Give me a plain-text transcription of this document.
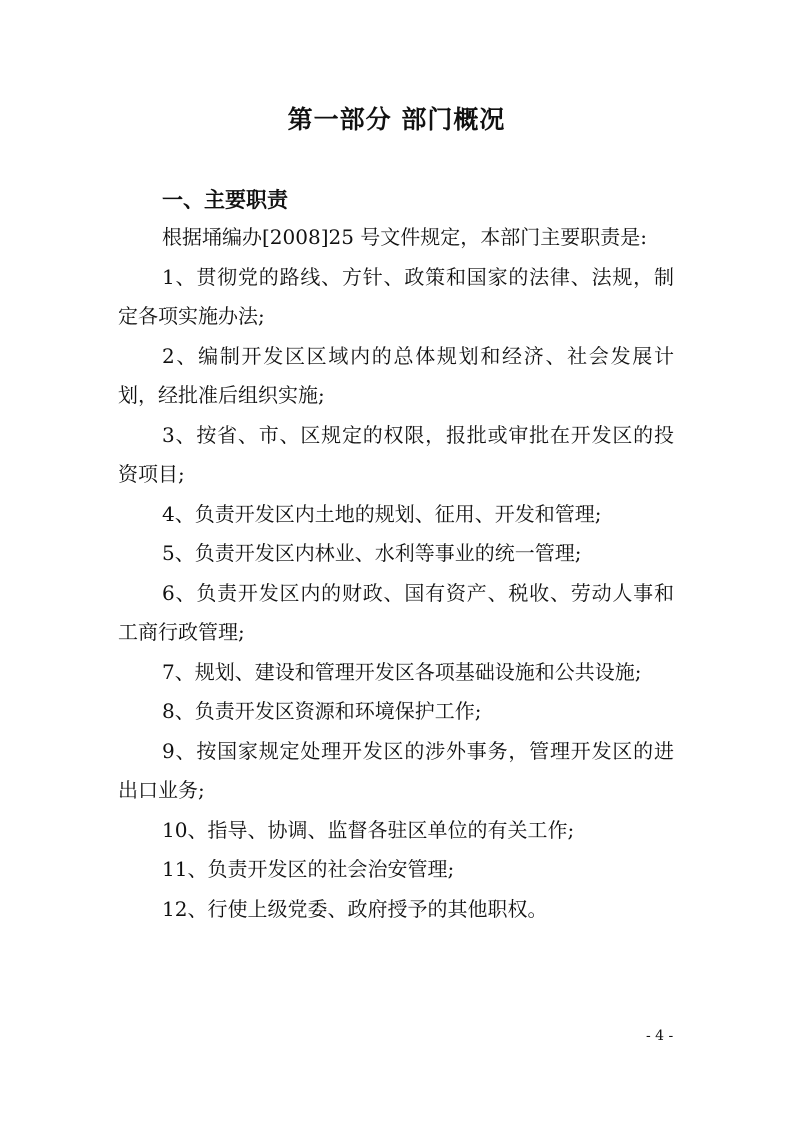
第一部分 部门概况
一、主要职责

根据埇编办[2008]25 号文件规定，本部门主要职责是:

1、贯彻党的路线、方针、政策和国家的法律、法规，制定各项实施办法;

2、编制开发区区域内的总体规划和经济、社会发展计划，经批准后组织实施;

3、按省、市、区规定的权限，报批或审批在开发区的投资项目;

4、负责开发区内土地的规划、征用、开发和管理;

5、负责开发区内林业、水利等事业的统一管理;

6、负责开发区内的财政、国有资产、税收、劳动人事和工商行政管理;

7、规划、建设和管理开发区各项基础设施和公共设施;

8、负责开发区资源和环境保护工作;

9、按国家规定处理开发区的涉外事务，管理开发区的进出口业务;

10、指导、协调、监督各驻区单位的有关工作;

11、负责开发区的社会治安管理;

12、行使上级党委、政府授予的其他职权。

- 4 -
